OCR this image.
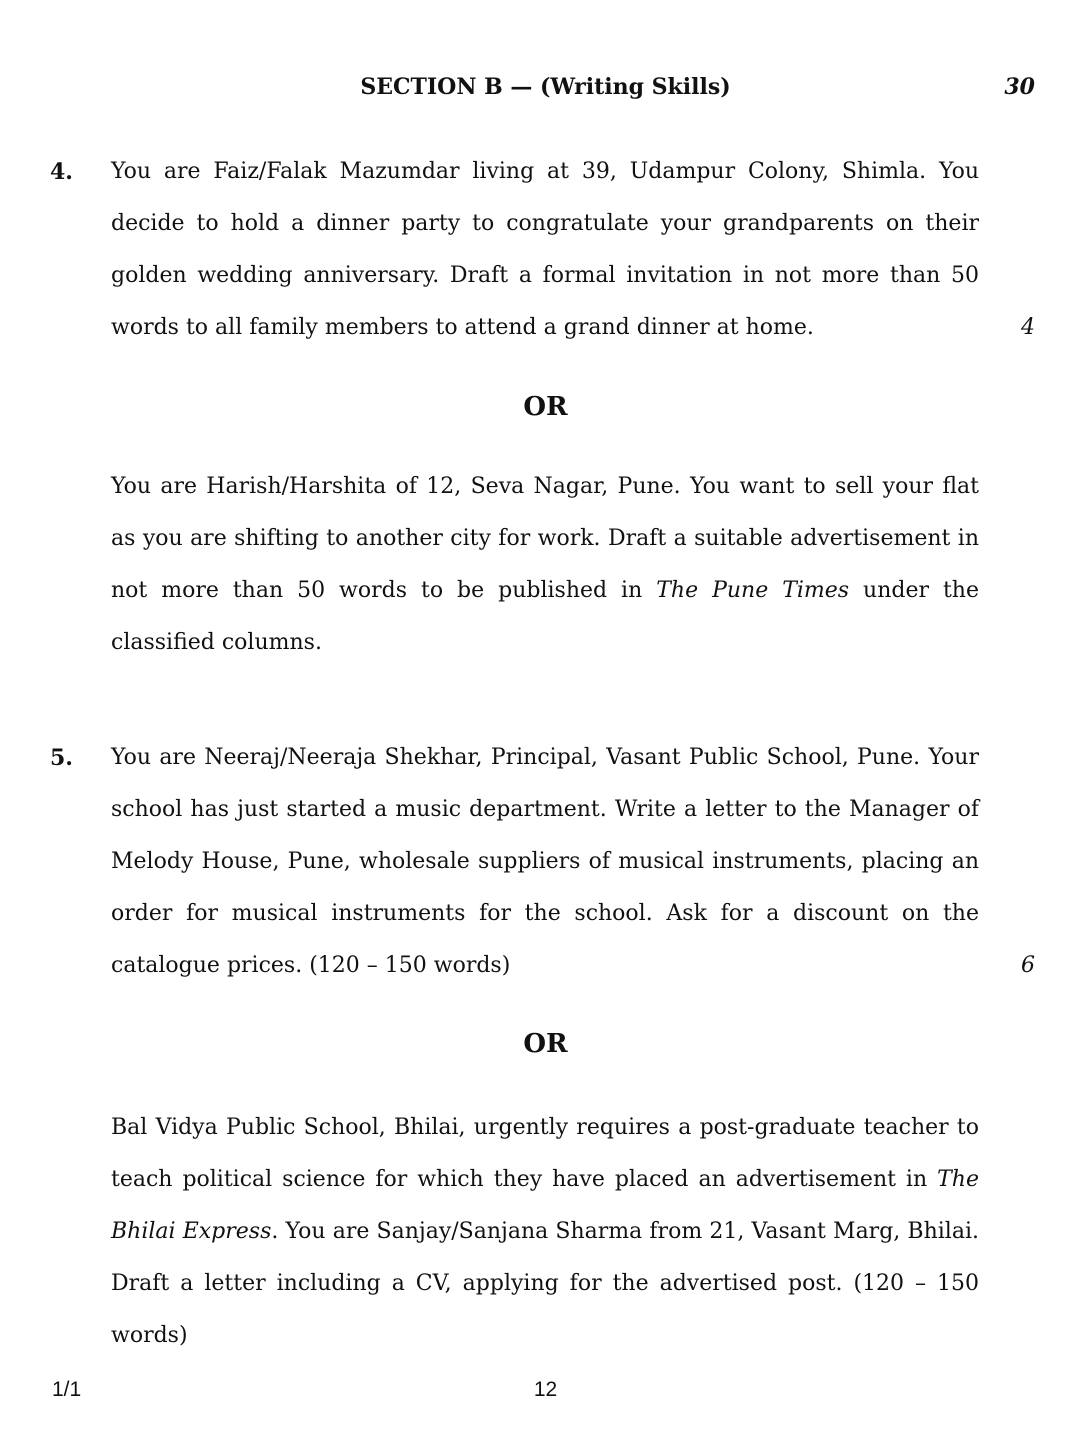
SECTION B — (Writing Skills)	30
4. You are Faiz/Falak Mazumdar living at 39, Udampur Colony, Shimla. You decide to hold a dinner party to congratulate your grandparents on their golden wedding anniversary. Draft a formal invitation in not more than 50 words to all family members to attend a grand dinner at home.	4
OR

You are Harish/Harshita of 12, Seva Nagar, Pune. You want to sell your flat as you are shifting to another city for work. Draft a suitable advertisement in not more than 50 words to be published in The Pune Times under the classified columns.

5. You are Neeraj/Neeraja Shekhar, Principal, Vasant Public School, Pune. Your school has just started a music department. Write a letter to the Manager of Melody House, Pune, wholesale suppliers of musical instruments, placing an order for musical instruments for the school. Ask for a discount on the catalogue prices. (120 – 150 words)	6
OR

Bal Vidya Public School, Bhilai, urgently requires a post-graduate teacher to teach political science for which they have placed an advertisement in The Bhilai Express. You are Sanjay/Sanjana Sharma from 21, Vasant Marg, Bhilai. Draft a letter including a CV, applying for the advertised post. (120 – 150 words)

1/1	12
